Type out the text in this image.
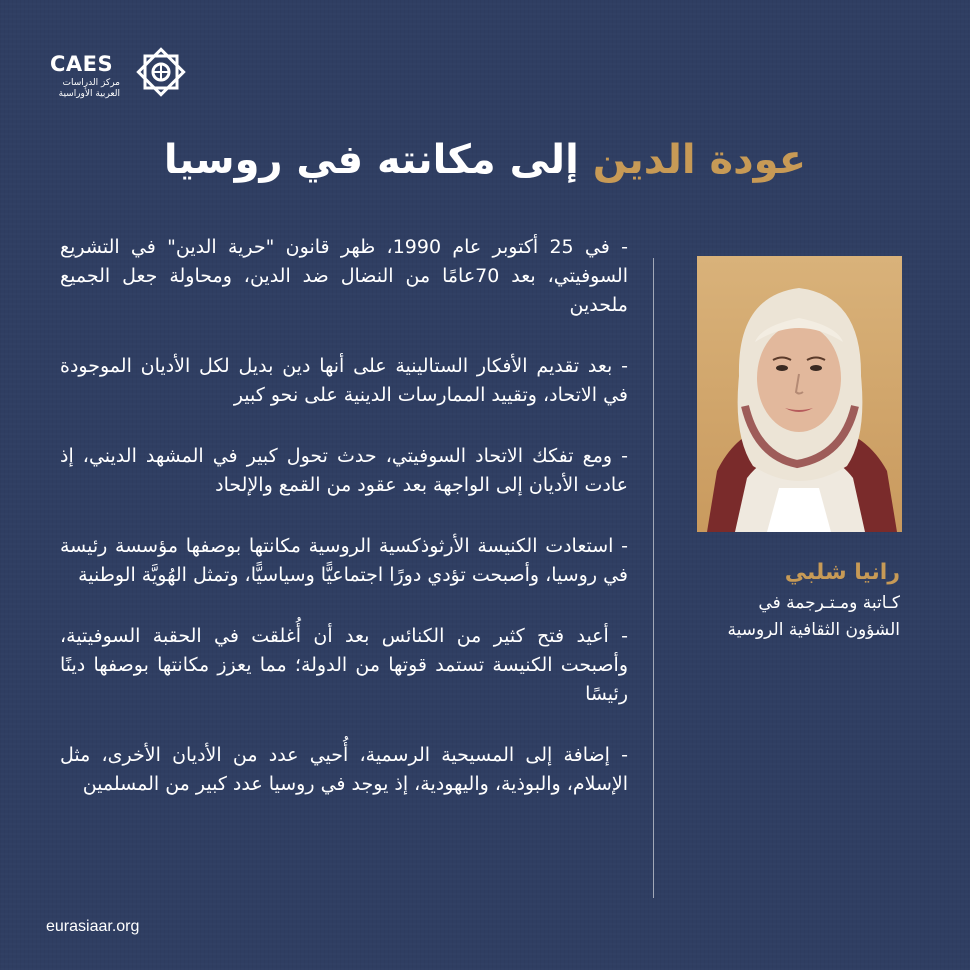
CAES
مركز الدراسات
العربية الأوراسية
عودة الدين إلى مكانته في روسيا

- في 25 أكتوبر عام 1990، ظهر قانون "حرية الدين" في التشريع السوفيتي، بعد 70عامًا من النضال ضد الدين، ومحاولة جعل الجميع ملحدين

- بعد تقديم الأفكار الستالينية على أنها دين بديل لكل الأديان الموجودة في الاتحاد، وتقييد الممارسات الدينية على نحو كبير

- ومع تفكك الاتحاد السوفيتي، حدث تحول كبير في المشهد الديني، إذ عادت الأديان إلى الواجهة بعد عقود من القمع والإلحاد

- استعادت الكنيسة الأرثوذكسية الروسية مكانتها بوصفها مؤسسة رئيسة في روسيا، وأصبحت تؤدي دورًا اجتماعيًّا وسياسيًّا، وتمثل الهُويَّة الوطنية

- أعيد فتح كثير من الكنائس بعد أن أُغلقت في الحقبة السوفيتية، وأصبحت الكنيسة تستمد قوتها من الدولة؛ مما يعزز مكانتها بوصفها دينًا رئيسًا

- إضافة إلى المسيحية الرسمية، أُحيي عدد من الأديان الأخرى، مثل الإسلام، والبوذية، واليهودية، إذ يوجد في روسيا عدد كبير من المسلمين

رانيا شلبي
كـاتبة ومـتـرجمة في
الشؤون الثقافية الروسية
eurasiaar.org
